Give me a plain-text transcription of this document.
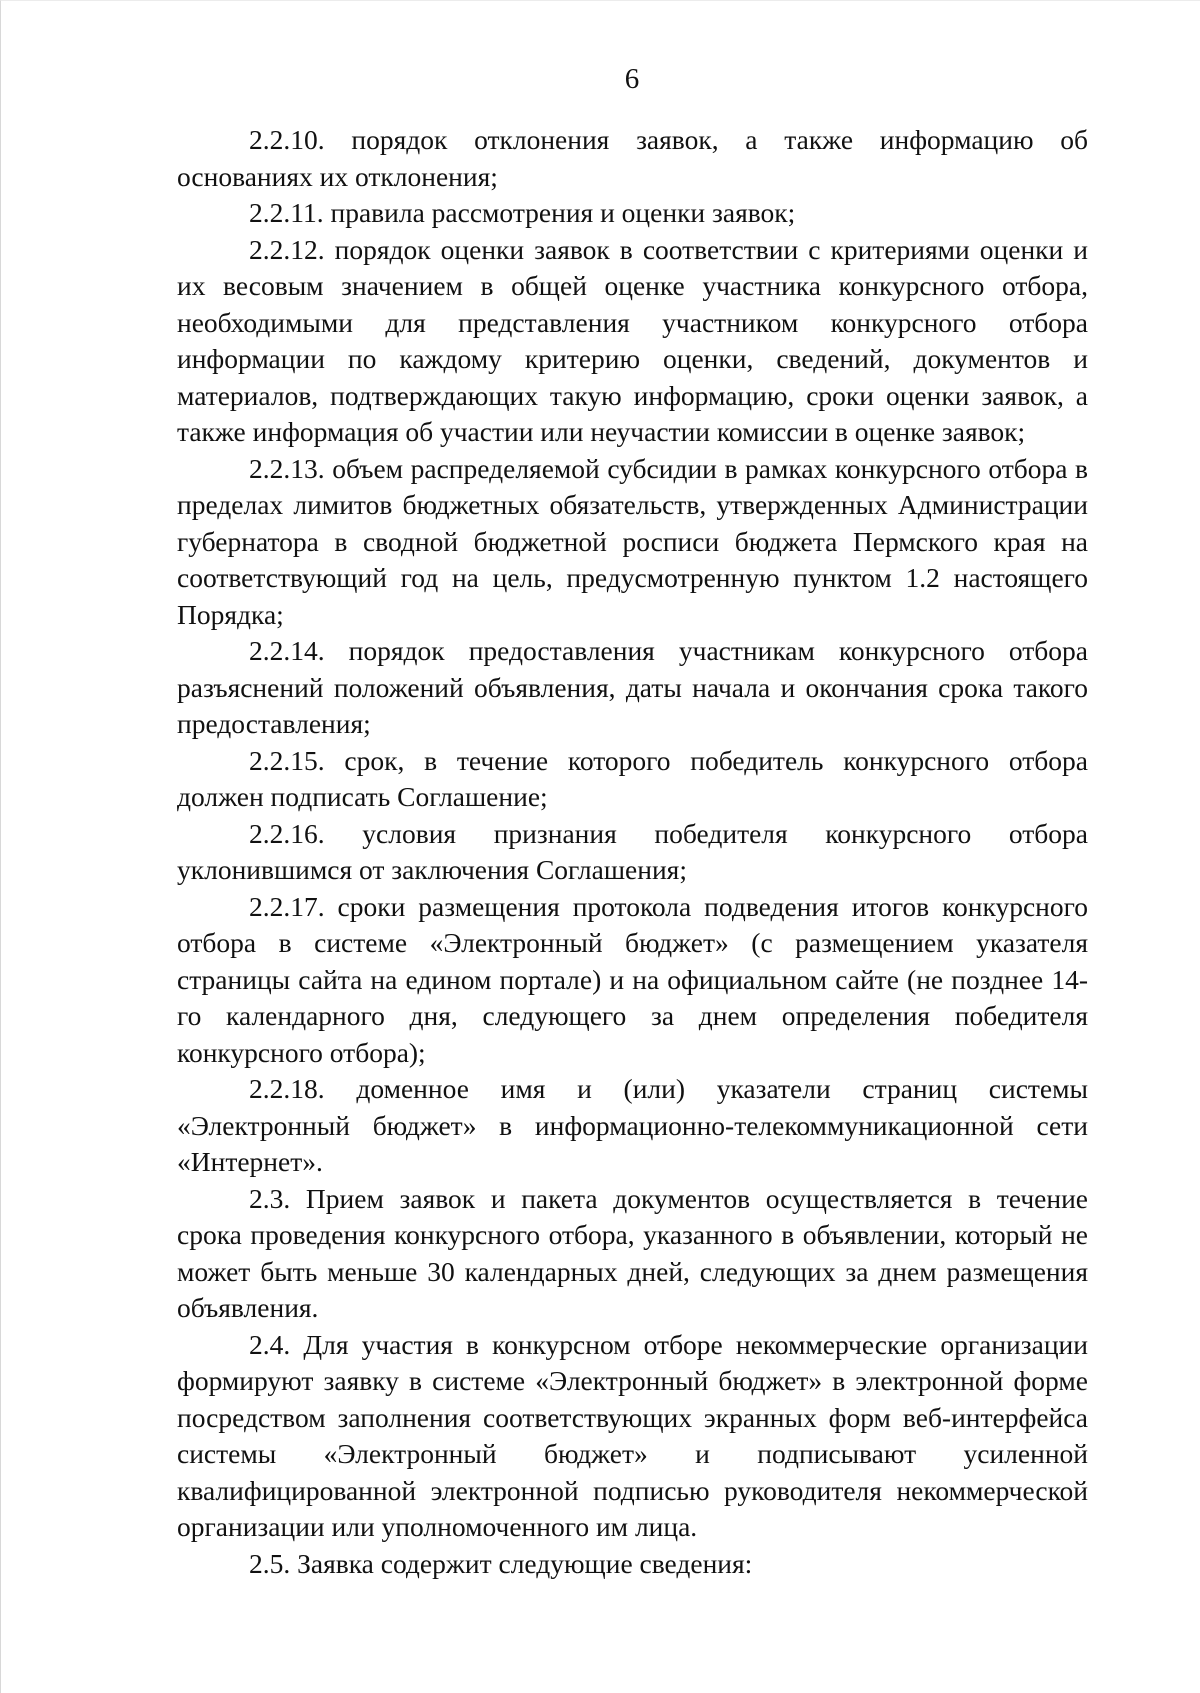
6

2.2.10. порядок отклонения заявок, а также информацию об основаниях их отклонения;

2.2.11. правила рассмотрения и оценки заявок;

2.2.12. порядок оценки заявок в соответствии с критериями оценки и их весовым значением в общей оценке участника конкурсного отбора, необходимыми для представления участником конкурсного отбора информации по каждому критерию оценки, сведений, документов и материалов, подтверждающих такую информацию, сроки оценки заявок, а также информация об участии или неучастии комиссии в оценке заявок;

2.2.13. объем распределяемой субсидии в рамках конкурсного отбора в пределах лимитов бюджетных обязательств, утвержденных Администрации губернатора в сводной бюджетной росписи бюджета Пермского края на соответствующий год на цель, предусмотренную пунктом 1.2 настоящего Порядка;

2.2.14. порядок предоставления участникам конкурсного отбора разъяснений положений объявления, даты начала и окончания срока такого предоставления;

2.2.15. срок, в течение которого победитель конкурсного отбора должен подписать Соглашение;

2.2.16. условия признания победителя конкурсного отбора уклонившимся от заключения Соглашения;

2.2.17. сроки размещения протокола подведения итогов конкурсного отбора в системе «Электронный бюджет» (с размещением указателя страницы сайта на едином портале) и на официальном сайте (не позднее 14-го календарного дня, следующего за днем определения победителя конкурсного отбора);

2.2.18. доменное имя и (или) указатели страниц системы «Электронный бюджет» в информационно-телекоммуникационной сети «Интернет».

2.3. Прием заявок и пакета документов осуществляется в течение срока проведения конкурсного отбора, указанного в объявлении, который не может быть меньше 30 календарных дней, следующих за днем размещения объявления.

2.4. Для участия в конкурсном отборе некоммерческие организации формируют заявку в системе «Электронный бюджет» в электронной форме посредством заполнения соответствующих экранных форм веб-интерфейса системы «Электронный бюджет» и подписывают усиленной квалифицированной электронной подписью руководителя некоммерческой организации или уполномоченного им лица.

2.5. Заявка содержит следующие сведения:
